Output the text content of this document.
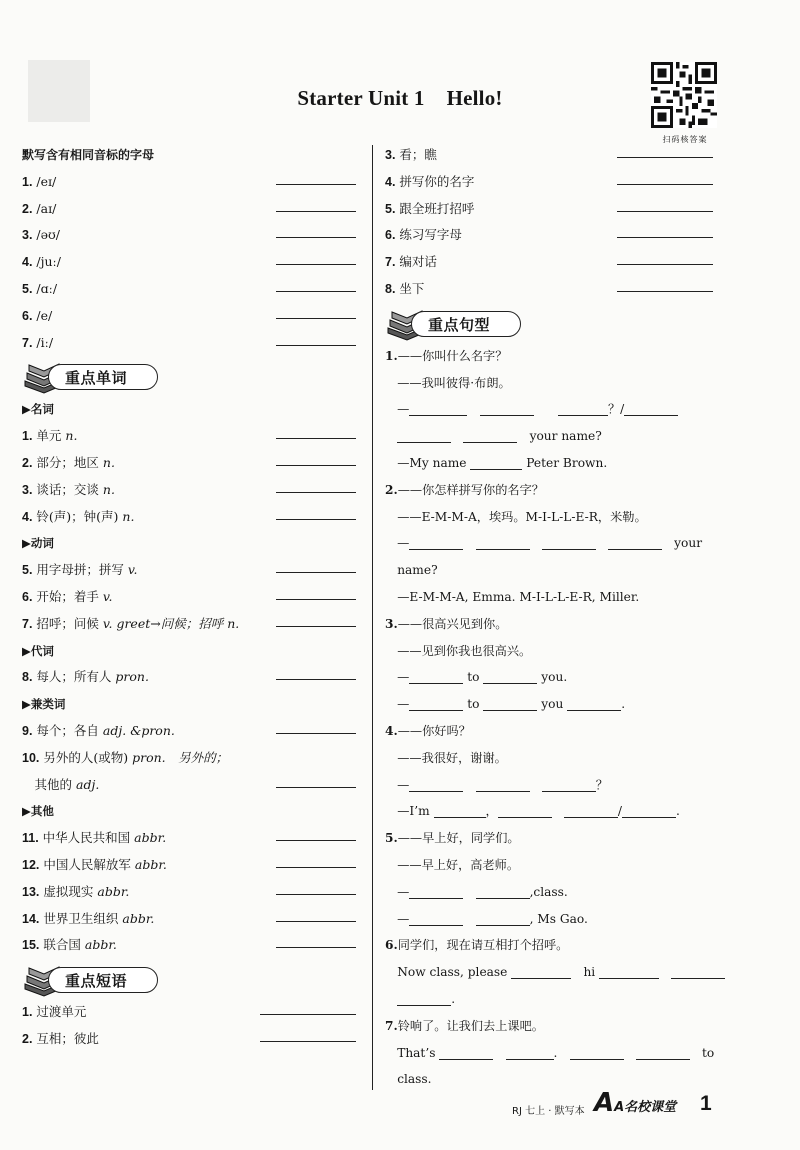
Starter Unit 1 Hello!
扫码核答案
默写含有相同音标的字母
1. /eɪ/
2. /aɪ/
3. /əʊ/
4. /juː/
5. /ɑː/
6. /e/
7. /iː/
重点单词
▶名词
1. 单元 n.
2. 部分；地区 n.
3. 谈话；交谈 n.
4. 铃(声)；钟(声) n.
▶动词
5. 用字母拼；拼写 v.
6. 开始；着手 v.
7. 招呼；问候 v. greet→问候；招呼 n.
▶代词
8. 每人；所有人 pron.
▶兼类词
9. 每个；各自 adj. &pron.
10. 另外的人(或物) pron.　另外的；
　其他的 adj.
▶其他
11. 中华人民共和国 abbr.
12. 中国人民解放军 abbr.
13. 虚拟现实 abbr.
14. 世界卫生组织 abbr.
15. 联合国 abbr.
重点短语
1. 过渡单元
2. 互相；彼此
3. 看；瞧
4. 拼写你的名字
5. 跟全班打招呼
6. 练习写字母
7. 编对话
8. 坐下
重点句型
1.——你叫什么名字？
　——我叫彼得·布朗。
　—　　　	？/
　　　your name?
　—My name	Peter Brown.
2.——你怎样拼写你的名字？
　——E-M-M-A，埃玛。M-I-L-L-E-R，米勒。
　—　　　　	your
　name?
　—E-M-M-A, Emma. M-I-L-L-E-R, Miller.
3.——很高兴见到你。
　——见到你我也很高兴。
　—	to	you.
　—	to	you	.
4.——你好吗？
　——我很好，谢谢。
　—　　	？
　—I’m	，　	/	.
5.——早上好，同学们。
　——早上好，高老师。
　—　	,class.
　—　	, Ms Gao.
6.同学们，现在请互相打个招呼。
　Now class, please 　	hi 　
　.
7.铃响了。让我们去上课吧。
　That’s 　	.　　　	to
　class.
RJ 七上 · 默写本 AA名校课堂 1
